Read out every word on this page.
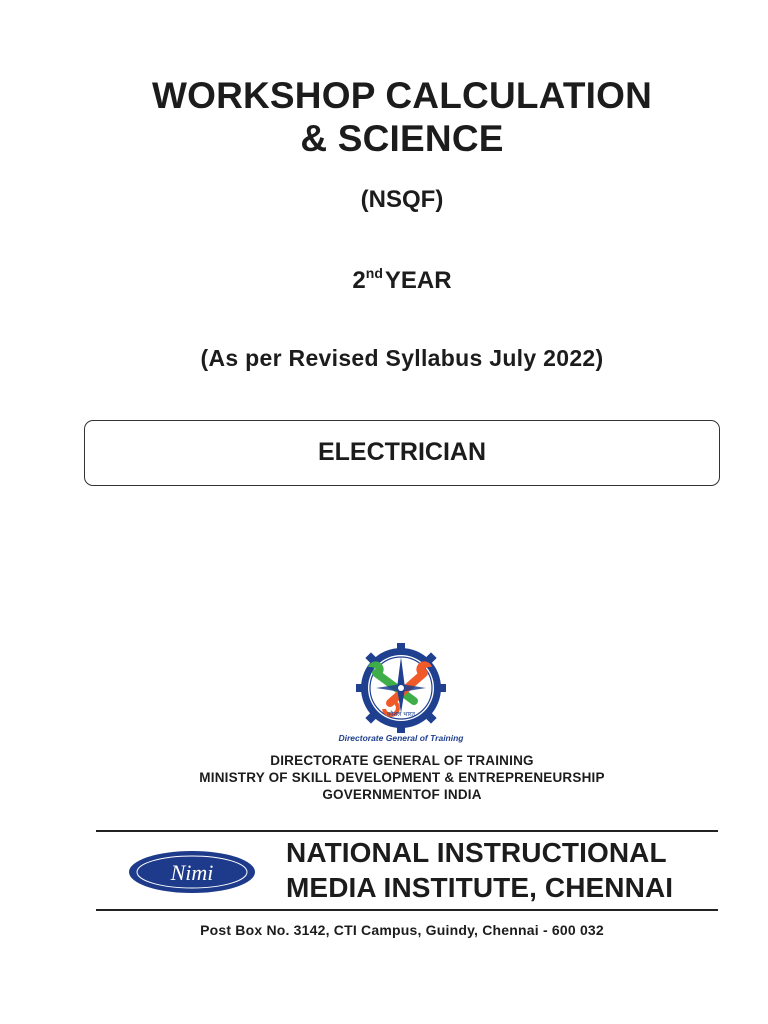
WORKSHOP CALCULATION
& SCIENCE
(NSQF)
2ndYEAR
(As per Revised Syllabus July 2022)
ELECTRICIAN
कौशल भारत
Directorate General of Training
DIRECTORATE GENERAL OF TRAINING
MINISTRY OF SKILL DEVELOPMENT & ENTREPRENEURSHIP
GOVERNMENTOF INDIA
Nimi
NATIONAL INSTRUCTIONAL
MEDIA INSTITUTE, CHENNAI
Post Box No. 3142, CTI Campus, Guindy, Chennai - 600 032
